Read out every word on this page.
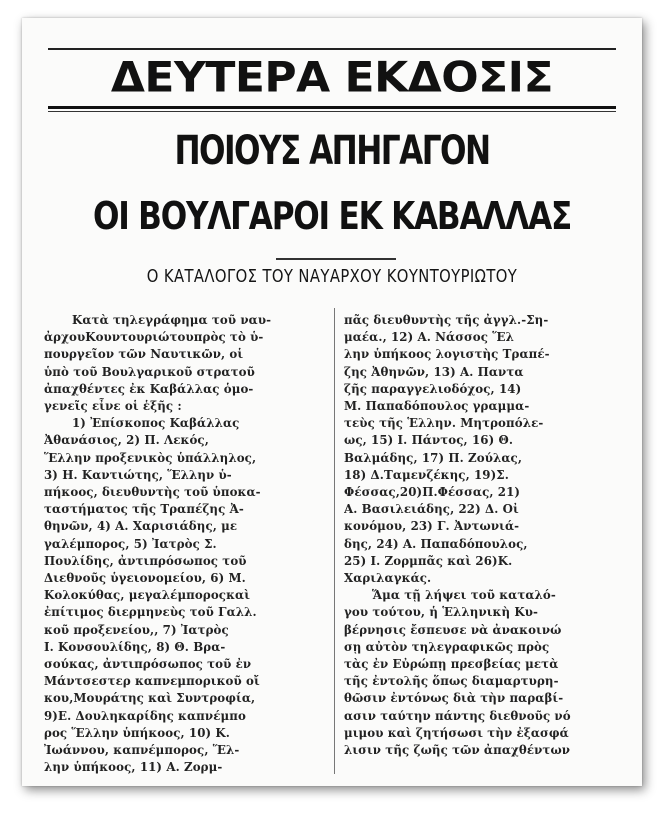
ΔΕΥΤΕΡΑ ΕΚΔΟΣΙΣ
ΠΟΙΟΥΣ ΑΠΗΓΑΓΟΝ
ΟΙ ΒΟΥΛΓΑΡΟΙ ΕΚ ΚΑΒΑΛΛΑΣ
Ο ΚΑΤΑΛΟΓΟΣ ΤΟΥ ΝΑΥΑΡΧΟΥ ΚΟΥΝΤΟΥΡΙΩΤΟΥ
Κατὰ τηλεγράφημα τοῦ ναυ-
ἀρχουΚουντουριώτουπρὸς τὸ ὑ-
πουργεῖον τῶν Ναυτικῶν, οἱ
ὑπὸ τοῦ Βουλγαρικοῦ στρατοῦ
ἀπαχθέντες ἐκ Καβάλλας ὁμο-
γενεῖς εἶνε οἱ ἑξῆς :
1) Ἐπίσκοπος Καβάλλας
Ἀθανάσιος, 2) Π. Λεκός,
Ἕλλην προξενικὸς ὑπάλληλος,
3) Η. Καντιώτης, Ἕλλην ὑ-
πήκοος, διευθυντὴς τοῦ ὑποκα-
ταστήματος τῆς Τραπέζης Ἀ-
θηνῶν, 4) Α. Χαρισιάδης, με
γαλέμπορος, 5) Ἰατρὸς Σ.
Πουλίδης, ἀντιπρόσωπος τοῦ
Διεθνοῦς ὑγειονομείου, 6) Μ.
Κολοκύθας, μεγαλέμποροςκαὶ
ἐπίτιμος διερμηνεὺς τοῦ Γαλλ.
κοῦ προξενείου,, 7) Ἰατρὸς
Ι. Κονσουλίδης, 8) Θ. Βρα-
σούκας, ἀντιπρόσωπος τοῦ ἐν
Μάντσεστερ καπνεμπορικοῦ οἴ
κου,Μουράτης καὶ Συντροφία,
9)Ε. Δουληκαρίδης καπνέμπο
ρος Ἕλλην ὑπήκοος, 10) Κ.
Ἰωάννου, καπνέμπορος, Ἕλ-
λην ὑπήκοος, 11) Α. Ζορμ-
πᾶς διευθυντὴς τῆς ἀγγλ.-Ση-
μαέα., 12) Α. Νάσσος Ἕλ
λην ὑπήκοος λογιστὴς Τραπέ-
ζης Ἀθηνῶν, 13) Α. Παντα
ζῆς παραγγελιοδόχος, 14)
Μ. Παπαδόπουλος γραμμα-
τεὺς τῆς Ἑλλην. Μητροπόλε-
ως, 15) Ι. Πάντος, 16) Θ.
Βαλμάδης, 17) Π. Ζούλας,
18) Δ.Ταμενζέκης, 19)Σ.
Φέσσας,20)Π.Φέσσας, 21)
Α. Βασιλειάδης, 22) Δ. Οἰ
κονόμου, 23) Γ. Ἀντωνιά-
δης, 24) Α. Παπαδόπουλος,
25) Ι. Ζορμπᾶς καὶ 26)Κ.
Χαριλαγκάς.
Ἅμα τῇ λήψει τοῦ καταλό-
γου τούτου, ἡ Ἑλληνικὴ Κυ-
βέρνησις ἔσπευσε νὰ ἀνακοινώ
σῃ αὐτὸν τηλεγραφικῶς πρὸς
τὰς ἐν Εὐρώπῃ πρεσβείας μετὰ
τῆς ἐντολῆς ὅπως διαμαρτυρη-
θῶσιν ἐντόνως διὰ τὴν παραβί-
ασιν ταύτην πάντης διεθνοῦς νό
μιμου καὶ ζητήσωσι τὴν ἐξασφά
λισιν τῆς ζωῆς τῶν ἀπαχθέντων
